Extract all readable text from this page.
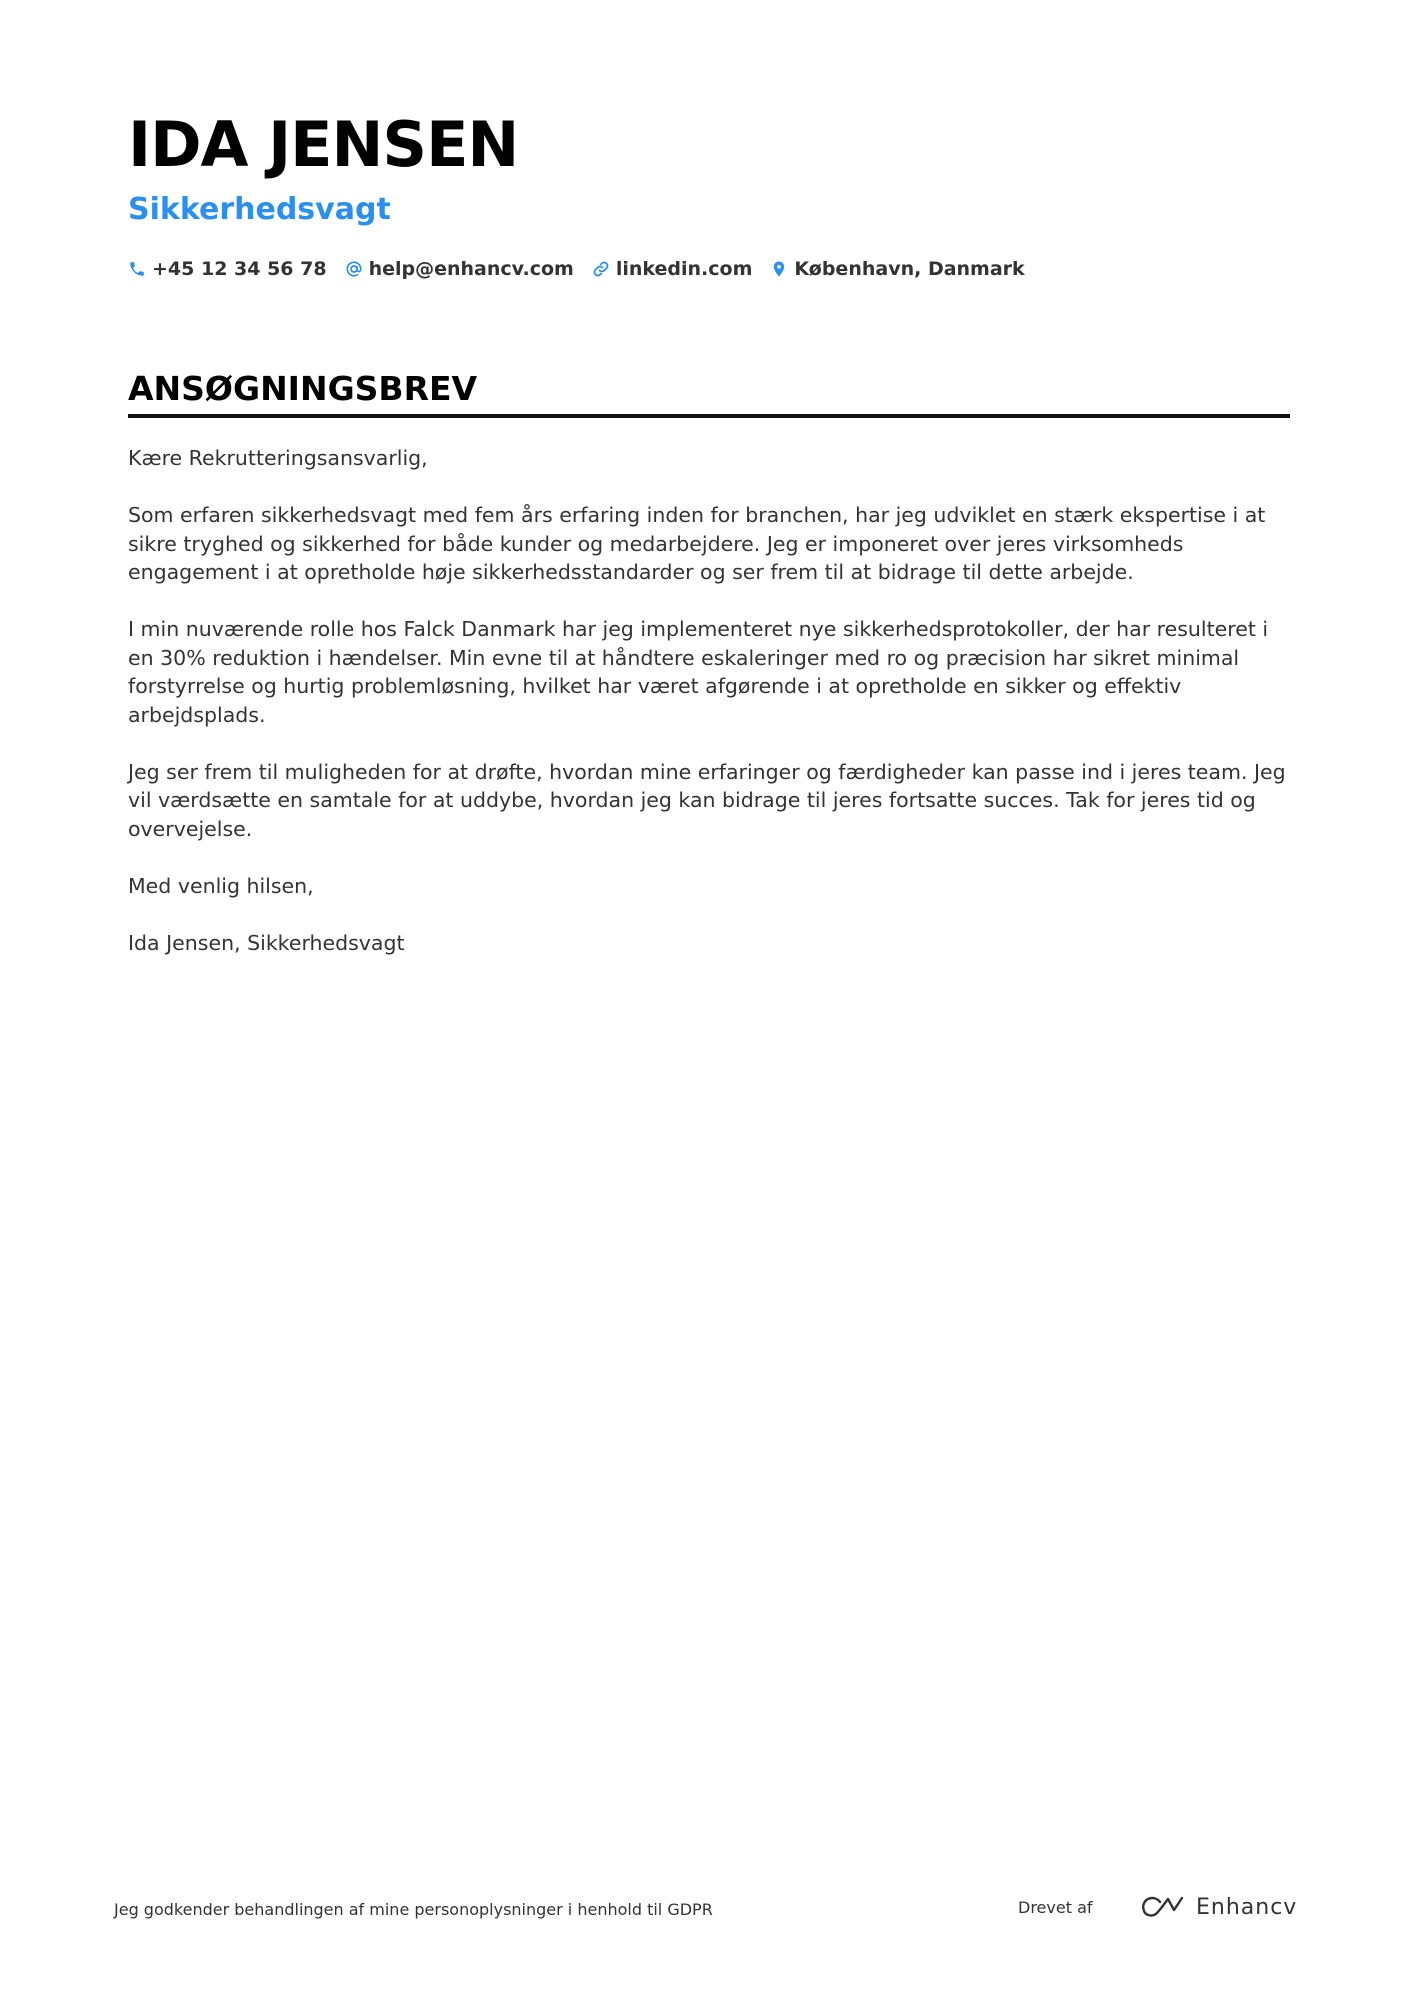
IDA JENSEN
Sikkerhedsvagt
+45 12 34 56 78 help@enhancv.com linkedin.com København, Danmark
ANSØGNINGSBREV

Kære Rekrutteringsansvarlig,

Som erfaren sikkerhedsvagt med fem års erfaring inden for branchen, har jeg udviklet en stærk ekspertise i at sikre tryghed og sikkerhed for både kunder og medarbejdere. Jeg er imponeret over jeres virksomheds engagement i at opretholde høje sikkerhedsstandarder og ser frem til at bidrage til dette arbejde.

I min nuværende rolle hos Falck Danmark har jeg implementeret nye sikkerhedsprotokoller, der har resulteret i en 30% reduktion i hændelser. Min evne til at håndtere eskaleringer med ro og præcision har sikret minimal forstyrrelse og hurtig problemløsning, hvilket har været afgørende i at opretholde en sikker og effektiv arbejdsplads.

Jeg ser frem til muligheden for at drøfte, hvordan mine erfaringer og færdigheder kan passe ind i jeres team. Jeg vil værdsætte en samtale for at uddybe, hvordan jeg kan bidrage til jeres fortsatte succes. Tak for jeres tid og overvejelse.

Med venlig hilsen,

Ida Jensen, Sikkerhedsvagt

Jeg godkender behandlingen af mine personoplysninger i henhold til GDPR	Drevet af	Enhancv
